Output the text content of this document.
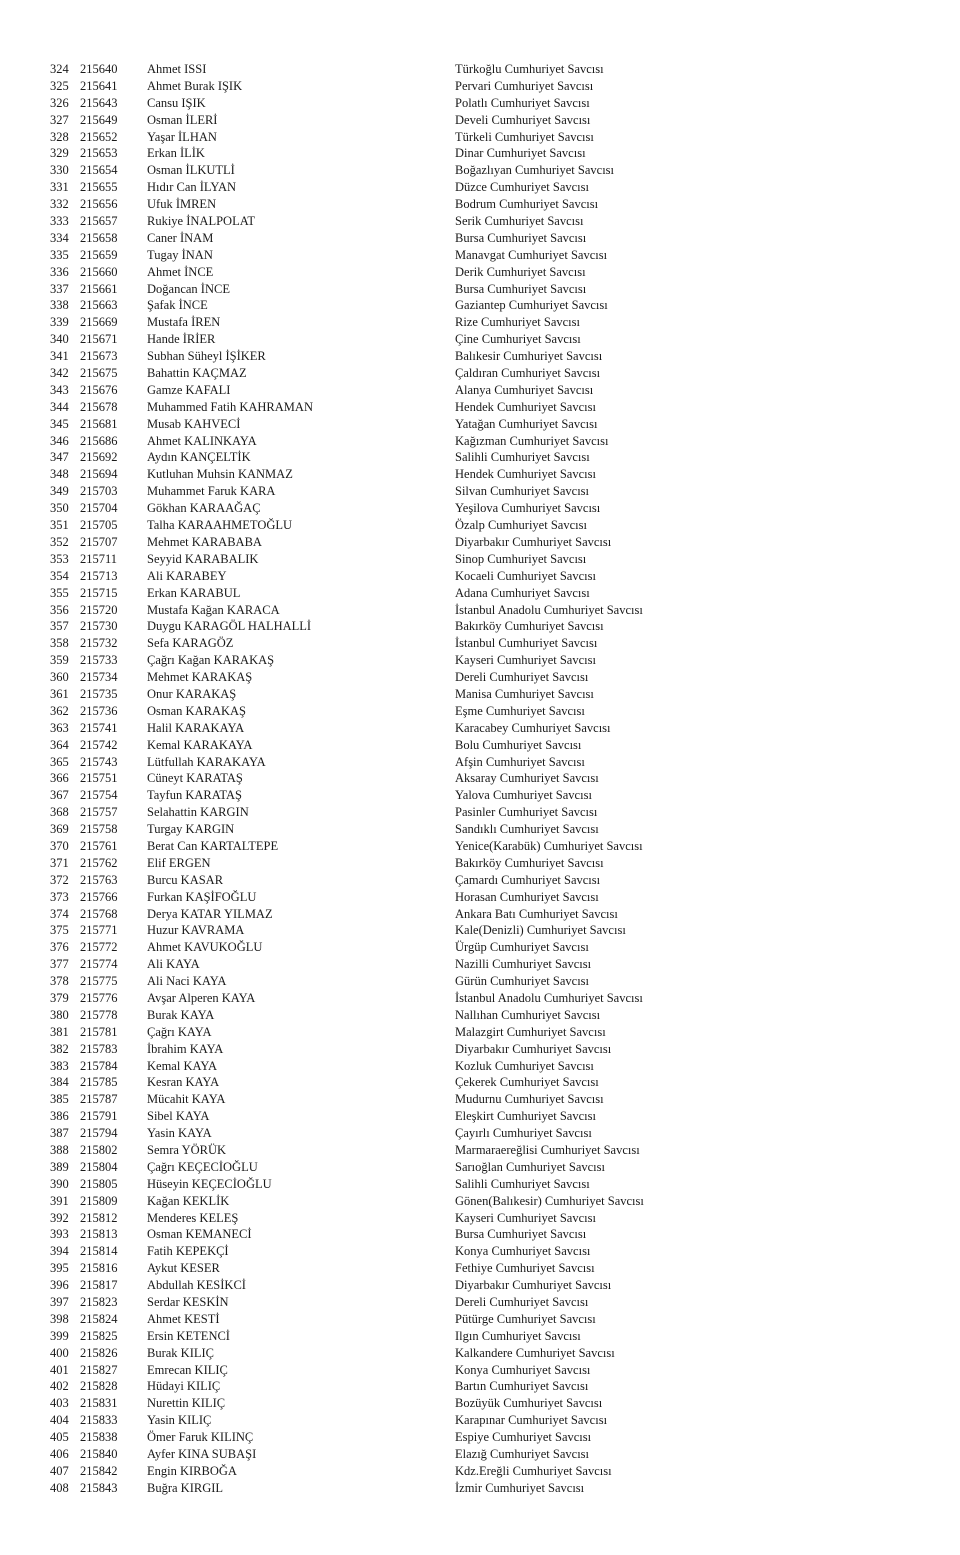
324 215640	Ahmet ISSI	Türkoğlu Cumhuriyet Savcısı
325 215641	Ahmet Burak IŞIK	Pervari Cumhuriyet Savcısı
326 215643	Cansu IŞIK	Polatlı Cumhuriyet Savcısı
327 215649	Osman İLERİ	Develi Cumhuriyet Savcısı
328 215652	Yaşar İLHAN	Türkeli Cumhuriyet Savcısı
329 215653	Erkan İLİK	Dinar Cumhuriyet Savcısı
330 215654	Osman İLKUTLİ	Boğazlıyan Cumhuriyet Savcısı
331 215655	Hıdır Can İLYAN	Düzce Cumhuriyet Savcısı
332 215656	Ufuk İMREN	Bodrum Cumhuriyet Savcısı
333 215657	Rukiye İNALPOLAT	Serik Cumhuriyet Savcısı
334 215658	Caner İNAM	Bursa Cumhuriyet Savcısı
335 215659	Tugay İNAN	Manavgat Cumhuriyet Savcısı
336 215660	Ahmet İNCE	Derik Cumhuriyet Savcısı
337 215661	Doğancan İNCE	Bursa Cumhuriyet Savcısı
338 215663	Şafak İNCE	Gaziantep Cumhuriyet Savcısı
339 215669	Mustafa İREN	Rize Cumhuriyet Savcısı
340 215671	Hande İRİER	Çine Cumhuriyet Savcısı
341 215673	Subhan Süheyl İŞİKER	Balıkesir Cumhuriyet Savcısı
342 215675	Bahattin KAÇMAZ	Çaldıran Cumhuriyet Savcısı
343 215676	Gamze KAFALI	Alanya Cumhuriyet Savcısı
344 215678	Muhammed Fatih KAHRAMAN	Hendek Cumhuriyet Savcısı
345 215681	Musab KAHVECİ	Yatağan Cumhuriyet Savcısı
346 215686	Ahmet KALINKAYA	Kağızman Cumhuriyet Savcısı
347 215692	Aydın KANÇELTİK	Salihli Cumhuriyet Savcısı
348 215694	Kutluhan Muhsin KANMAZ	Hendek Cumhuriyet Savcısı
349 215703	Muhammet Faruk KARA	Silvan Cumhuriyet Savcısı
350 215704	Gökhan KARAAĞAÇ	Yeşilova Cumhuriyet Savcısı
351 215705	Talha KARAAHMETOĞLU	Özalp Cumhuriyet Savcısı
352 215707	Mehmet KARABABA	Diyarbakır Cumhuriyet Savcısı
353 215711	Seyyid KARABALIK	Sinop Cumhuriyet Savcısı
354 215713	Ali KARABEY	Kocaeli Cumhuriyet Savcısı
355 215715	Erkan KARABUL	Adana Cumhuriyet Savcısı
356 215720	Mustafa Kağan KARACA	İstanbul Anadolu Cumhuriyet Savcısı
357 215730	Duygu KARAGÖL HALHALLİ	Bakırköy Cumhuriyet Savcısı
358 215732	Sefa KARAGÖZ	İstanbul Cumhuriyet Savcısı
359 215733	Çağrı Kağan KARAKAŞ	Kayseri Cumhuriyet Savcısı
360 215734	Mehmet KARAKAŞ	Dereli Cumhuriyet Savcısı
361 215735	Onur KARAKAŞ	Manisa Cumhuriyet Savcısı
362 215736	Osman KARAKAŞ	Eşme Cumhuriyet Savcısı
363 215741	Halil KARAKAYA	Karacabey Cumhuriyet Savcısı
364 215742	Kemal KARAKAYA	Bolu Cumhuriyet Savcısı
365 215743	Lütfullah KARAKAYA	Afşin Cumhuriyet Savcısı
366 215751	Cüneyt KARATAŞ	Aksaray Cumhuriyet Savcısı
367 215754	Tayfun KARATAŞ	Yalova Cumhuriyet Savcısı
368 215757	Selahattin KARGIN	Pasinler Cumhuriyet Savcısı
369 215758	Turgay KARGIN	Sandıklı Cumhuriyet Savcısı
370 215761	Berat Can KARTALTEPE	Yenice(Karabük) Cumhuriyet Savcısı
371 215762	Elif ERGEN	Bakırköy Cumhuriyet Savcısı
372 215763	Burcu KASAR	Çamardı Cumhuriyet Savcısı
373 215766	Furkan KAŞİFOĞLU	Horasan Cumhuriyet Savcısı
374 215768	Derya KATAR YILMAZ	Ankara Batı Cumhuriyet Savcısı
375 215771	Huzur KAVRAMA	Kale(Denizli) Cumhuriyet Savcısı
376 215772	Ahmet KAVUKOĞLU	Ürgüp Cumhuriyet Savcısı
377 215774	Ali KAYA	Nazilli Cumhuriyet Savcısı
378 215775	Ali Naci KAYA	Gürün Cumhuriyet Savcısı
379 215776	Avşar Alperen KAYA	İstanbul Anadolu Cumhuriyet Savcısı
380 215778	Burak KAYA	Nallıhan Cumhuriyet Savcısı
381 215781	Çağrı KAYA	Malazgirt Cumhuriyet Savcısı
382 215783	İbrahim KAYA	Diyarbakır Cumhuriyet Savcısı
383 215784	Kemal KAYA	Kozluk Cumhuriyet Savcısı
384 215785	Kesran KAYA	Çekerek Cumhuriyet Savcısı
385 215787	Mücahit KAYA	Mudurnu Cumhuriyet Savcısı
386 215791	Sibel KAYA	Eleşkirt Cumhuriyet Savcısı
387 215794	Yasin KAYA	Çayırlı Cumhuriyet Savcısı
388 215802	Semra YÖRÜK	Marmaraereğlisi Cumhuriyet Savcısı
389 215804	Çağrı KEÇECİOĞLU	Sarıoğlan Cumhuriyet Savcısı
390 215805	Hüseyin KEÇECİOĞLU	Salihli Cumhuriyet Savcısı
391 215809	Kağan KEKLİK	Gönen(Balıkesir) Cumhuriyet Savcısı
392 215812	Menderes KELEŞ	Kayseri Cumhuriyet Savcısı
393 215813	Osman KEMANECİ	Bursa Cumhuriyet Savcısı
394 215814	Fatih KEPEKÇİ	Konya Cumhuriyet Savcısı
395 215816	Aykut KESER	Fethiye Cumhuriyet Savcısı
396 215817	Abdullah KESİKCİ	Diyarbakır Cumhuriyet Savcısı
397 215823	Serdar KESKİN	Dereli Cumhuriyet Savcısı
398 215824	Ahmet KESTİ	Pütürge Cumhuriyet Savcısı
399 215825	Ersin KETENCİ	Ilgın Cumhuriyet Savcısı
400 215826	Burak KILIÇ	Kalkandere Cumhuriyet Savcısı
401 215827	Emrecan KILIÇ	Konya Cumhuriyet Savcısı
402 215828	Hüdayi KILIÇ	Bartın Cumhuriyet Savcısı
403 215831	Nurettin KILIÇ	Bozüyük Cumhuriyet Savcısı
404 215833	Yasin KILIÇ	Karapınar Cumhuriyet Savcısı
405 215838	Ömer Faruk KILINÇ	Espiye Cumhuriyet Savcısı
406 215840	Ayfer KINA SUBAŞI	Elazığ Cumhuriyet Savcısı
407 215842	Engin KIRBOĞA	Kdz.Ereğli Cumhuriyet Savcısı
408 215843	Buğra KIRGIL	İzmir Cumhuriyet Savcısı
